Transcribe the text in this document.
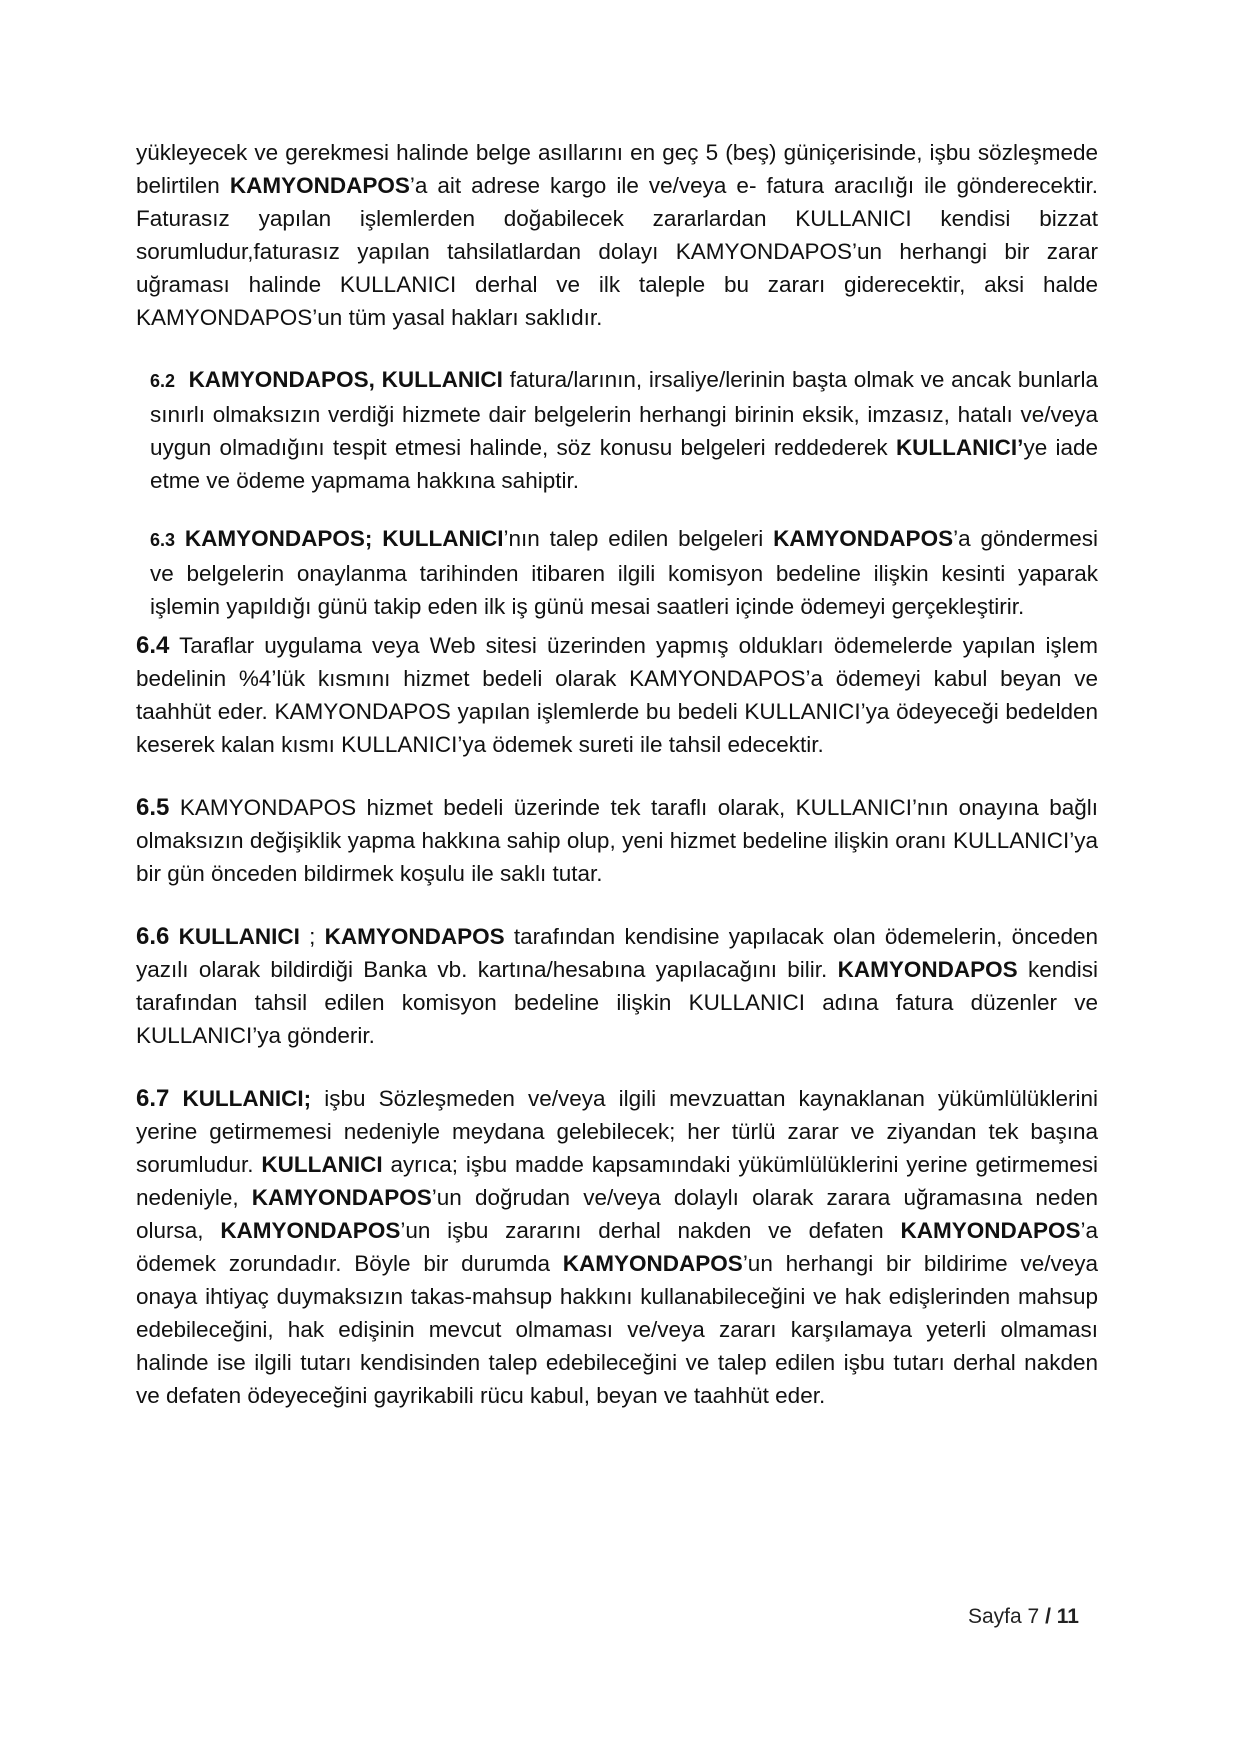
yükleyecek ve gerekmesi halinde belge asıllarını en geç 5 (beş) güniçerisinde, işbu sözleşmede belirtilen KAMYONDAPOS’a ait adrese kargo ile ve/veya e- fatura aracılığı ile gönderecektir. Faturasız yapılan işlemlerden doğabilecek zararlardan KULLANICI kendisi bizzat sorumludur,faturasız yapılan tahsilatlardan dolayı KAMYONDAPOS’un herhangi bir zarar uğraması halinde KULLANICI derhal ve ilk taleple bu zararı giderecektir, aksi halde KAMYONDAPOS’un tüm yasal hakları saklıdır.

6.2 KAMYONDAPOS, KULLANICI fatura/larının, irsaliye/lerinin başta olmak ve ancak bunlarla sınırlı olmaksızın verdiği hizmete dair belgelerin herhangi birinin eksik, imzasız, hatalı ve/veya uygun olmadığını tespit etmesi halinde, söz konusu belgeleri reddederek KULLANICI’ye iade etme ve ödeme yapmama hakkına sahiptir.

6.3 KAMYONDAPOS; KULLANICI’nın talep edilen belgeleri KAMYONDAPOS’a göndermesi ve belgelerin onaylanma tarihinden itibaren ilgili komisyon bedeline ilişkin kesinti yaparak işlemin yapıldığı günü takip eden ilk iş günü mesai saatleri içinde ödemeyi gerçekleştirir.

6.4 Taraflar uygulama veya Web sitesi üzerinden yapmış oldukları ödemelerde yapılan işlem bedelinin %4’lük kısmını hizmet bedeli olarak KAMYONDAPOS’a ödemeyi kabul beyan ve taahhüt eder. KAMYONDAPOS yapılan işlemlerde bu bedeli KULLANICI’ya ödeyeceği bedelden keserek kalan kısmı KULLANICI’ya ödemek sureti ile tahsil edecektir.

6.5 KAMYONDAPOS hizmet bedeli üzerinde tek taraflı olarak, KULLANICI’nın onayına bağlı olmaksızın değişiklik yapma hakkına sahip olup, yeni hizmet bedeline ilişkin oranı KULLANICI’ya bir gün önceden bildirmek koşulu ile saklı tutar.

6.6 KULLANICI ; KAMYONDAPOS tarafından kendisine yapılacak olan ödemelerin, önceden yazılı olarak bildirdiği Banka vb. kartına/hesabına yapılacağını bilir. KAMYONDAPOS kendisi tarafından tahsil edilen komisyon bedeline ilişkin KULLANICI adına fatura düzenler ve KULLANICI’ya gönderir.

6.7 KULLANICI; işbu Sözleşmeden ve/veya ilgili mevzuattan kaynaklanan yükümlülüklerini yerine getirmemesi nedeniyle meydana gelebilecek; her türlü zarar ve ziyandan tek başına sorumludur. KULLANICI ayrıca; işbu madde kapsamındaki yükümlülüklerini yerine getirmemesi nedeniyle, KAMYONDAPOS’un doğrudan ve/veya dolaylı olarak zarara uğramasına neden olursa, KAMYONDAPOS’un işbu zararını derhal nakden ve defaten KAMYONDAPOS’a ödemek zorundadır. Böyle bir durumda KAMYONDAPOS’un herhangi bir bildirime ve/veya onaya ihtiyaç duymaksızın takas-mahsup hakkını kullanabileceğini ve hak edişlerinden mahsup edebileceğini, hak edişinin mevcut olmaması ve/veya zararı karşılamaya yeterli olmaması halinde ise ilgili tutarı kendisinden talep edebileceğini ve talep edilen işbu tutarı derhal nakden ve defaten ödeyeceğini gayrikabili rücu kabul, beyan ve taahhüt eder.

Sayfa 7 / 11
